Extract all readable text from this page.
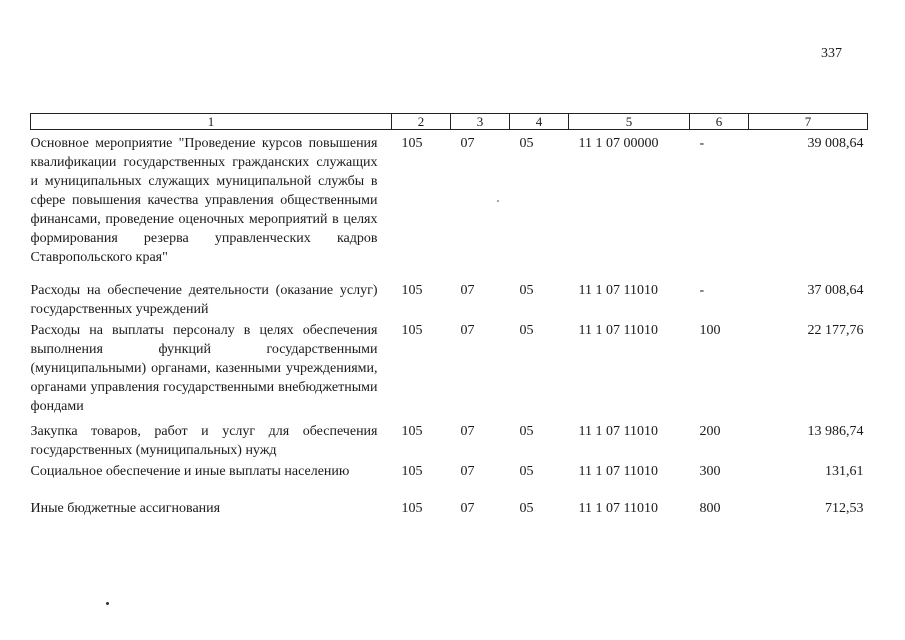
337
1	2	3	4	5	6	7
Основное мероприятие "Проведение курсов повышения квалификации государственных гражданских служащих и муниципальных служащих муниципальной службы в сфере повышения качества управления общественными финансами, проведение оценочных мероприятий в целях формирования резерва управленческих кадров Ставропольского края"	105	07	05	11 1 07 00000	-	39 008,64
Расходы на обеспечение деятельности (оказание услуг) государственных учреждений	105	07	05	11 1 07 11010	-	37 008,64
Расходы на выплаты персоналу в целях обеспечения выполнения функций государственными (муниципальными) органами, казенными учреждениями, органами управления государственными внебюджетными фондами	105	07	05	11 1 07 11010	100	22 177,76
Закупка товаров, работ и услуг для обеспечения государственных (муниципальных) нужд	105	07	05	11 1 07 11010	200	13 986,74
Социальное обеспечение и иные выплаты населению	105	07	05	11 1 07 11010	300	131,61
Иные бюджетные ассигнования	105	07	05	11 1 07 11010	800	712,53
